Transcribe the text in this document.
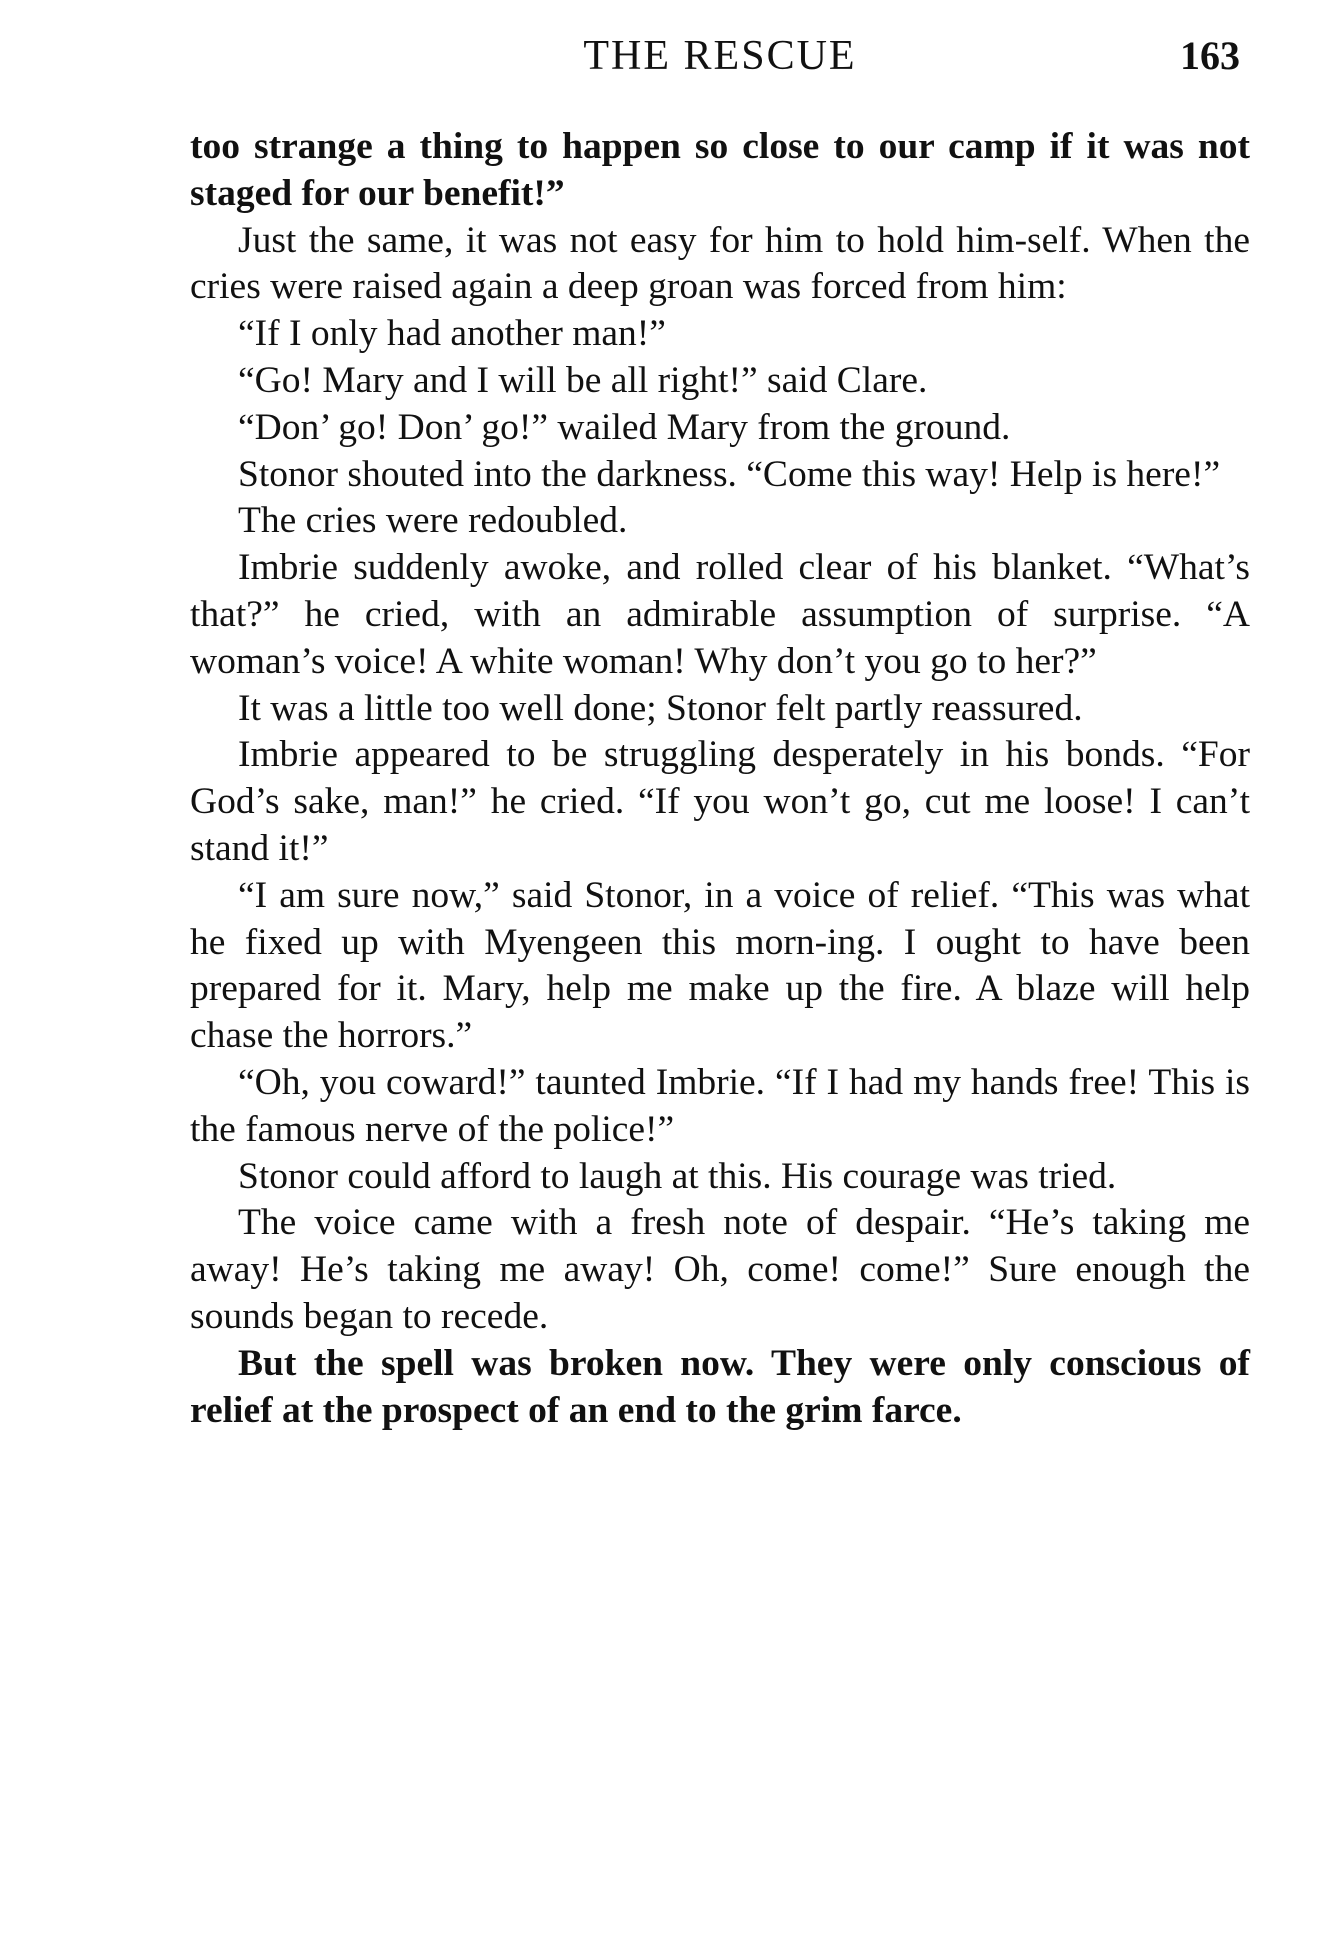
THE RESCUE	163

too strange a thing to happen so close to our camp if it was not staged for our benefit!”

Just the same, it was not easy for him to hold him-self. When the cries were raised again a deep groan was forced from him:

“If I only had another man!”

“Go! Mary and I will be all right!” said Clare.

“Don’ go! Don’ go!” wailed Mary from the ground.

Stonor shouted into the darkness. “Come this way! Help is here!”

The cries were redoubled.

Imbrie suddenly awoke, and rolled clear of his blanket. “What’s that?” he cried, with an admirable assumption of surprise. “A woman’s voice! A white woman! Why don’t you go to her?”

It was a little too well done; Stonor felt partly reassured.

Imbrie appeared to be struggling desperately in his bonds. “For God’s sake, man!” he cried. “If you won’t go, cut me loose! I can’t stand it!”

“I am sure now,” said Stonor, in a voice of relief. “This was what he fixed up with Myengeen this morn-ing. I ought to have been prepared for it. Mary, help me make up the fire. A blaze will help chase the horrors.”

“Oh, you coward!” taunted Imbrie. “If I had my hands free! This is the famous nerve of the police!”

Stonor could afford to laugh at this. His courage was tried.

The voice came with a fresh note of despair. “He’s taking me away! He’s taking me away! Oh, come! come!” Sure enough the sounds began to recede.

But the spell was broken now. They were only conscious of relief at the prospect of an end to the grim farce.
